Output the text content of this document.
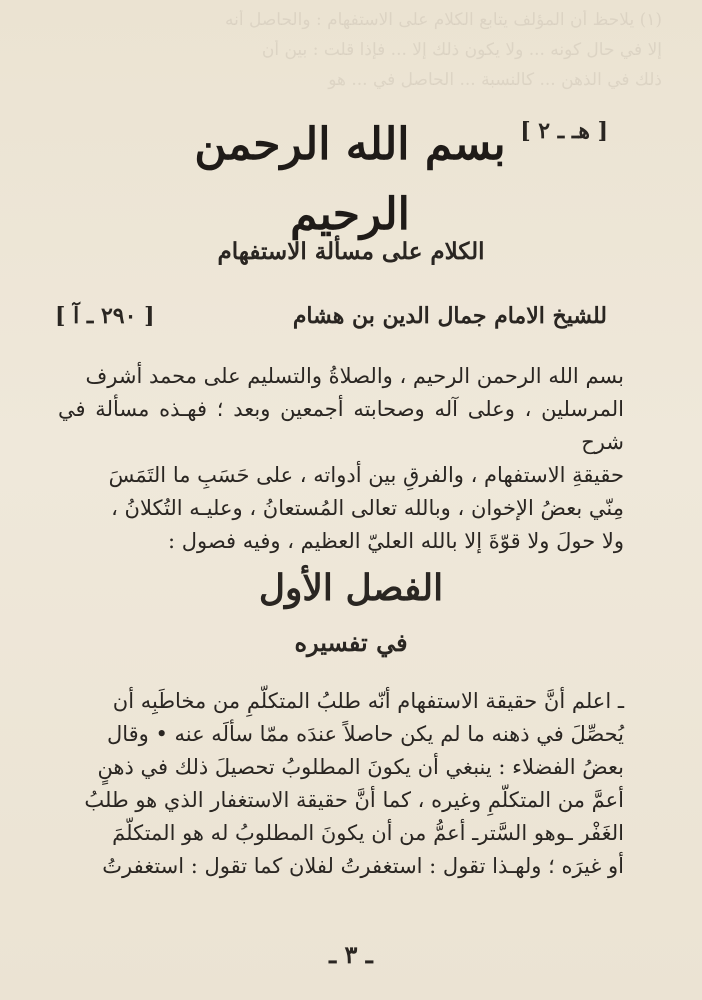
(١) يلاحظ أن المؤلف يتابع الكلام على الاستفهام : والحاصل أنه
إلا في حال كونه ... ولا يكون ذلك إلا ... فإذا قلت : بين أن
ذلك في الذهن ... كالنسبة ... الحاصل في ... هو
[ هـ ـ ٢ ]
بسم الله الرحمن الرحيم
الكلام على مسألة الاستفهام
للشيخ الامام جمال الدين بن هشام
[ ٢٩٠ ـ آ ]
بسم الله الرحمن الرحيم ، والصلاةُ والتسليم على محمد أشرف
المرسلين ، وعلى آله وصحابته أجمعين وبعد ؛ فهـذه مسألة في شرح
حقيقةِ الاستفهام ، والفرقِ بين أدواته ، على حَسَبِ ما التَمَسَ
مِنّي بعضُ الإخوان ، وبالله تعالى المُستعانُ ، وعليـه التُكلانُ ،
ولا حولَ ولا قوّةَ إلا بالله العليّ العظيم ، وفيه فصول :
الفصل الأول
في تفسيره
ـ اعلم أنَّ حقيقة الاستفهام أنّه طلبُ المتكلّمِ من مخاطَبِه أن
يُحصِّلَ في ذهنه ما لم يكن حاصلاً عندَه ممّا سألَه عنه • وقال
بعضُ الفضلاء : ينبغي أن يكونَ المطلوبُ تحصيلَ ذلك في ذهنٍ
أعمَّ من المتكلّمِ وغيره ، كما أنَّ حقيقة الاستغفار الذي هو طلبُ
الغَفْر ـوهو السَّترـ أعمُّ من أن يكونَ المطلوبُ له هو المتكلّمَ
أو غيرَه ؛ ولهـذا تقول : استغفرتُ لفلان كما تقول : استغفرتُ
ـ ٣ ـ
